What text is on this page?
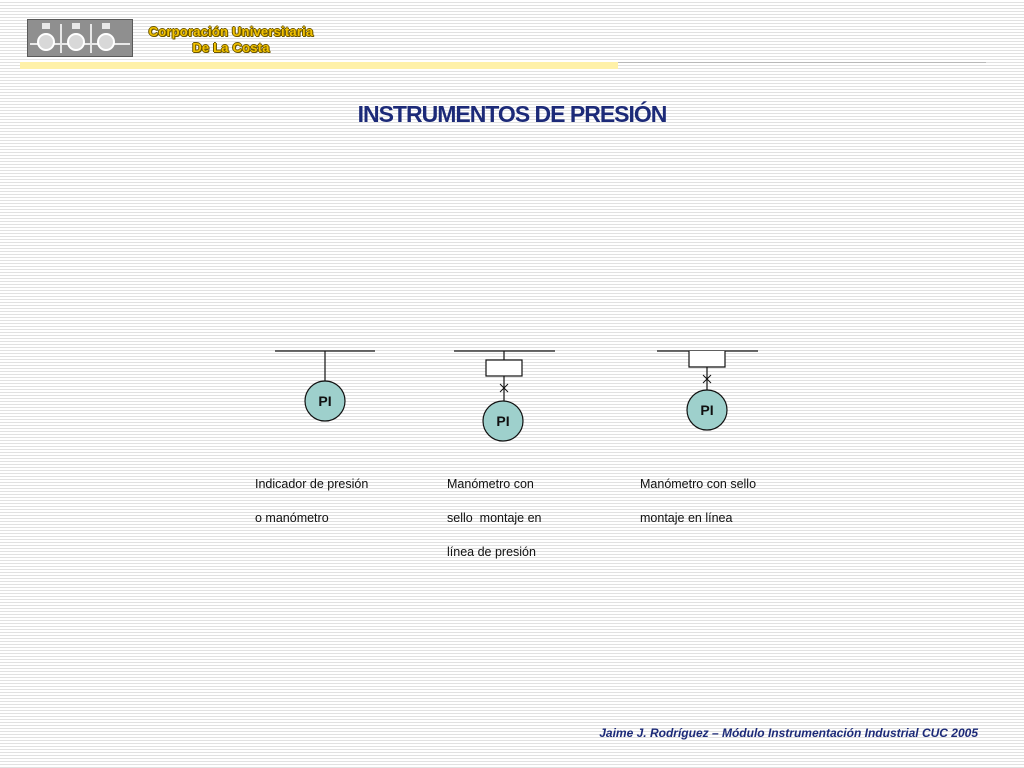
Corporación Universitaria
De La Costa
INSTRUMENTOS DE PRESIÓN
PI
PI
PI

Indicador de presión

o manómetro

Manómetro con

sello  montaje en

línea de presión

Manómetro con sello

montaje en línea

Jaime J. Rodríguez – Módulo Instrumentación Industrial CUC 2005
